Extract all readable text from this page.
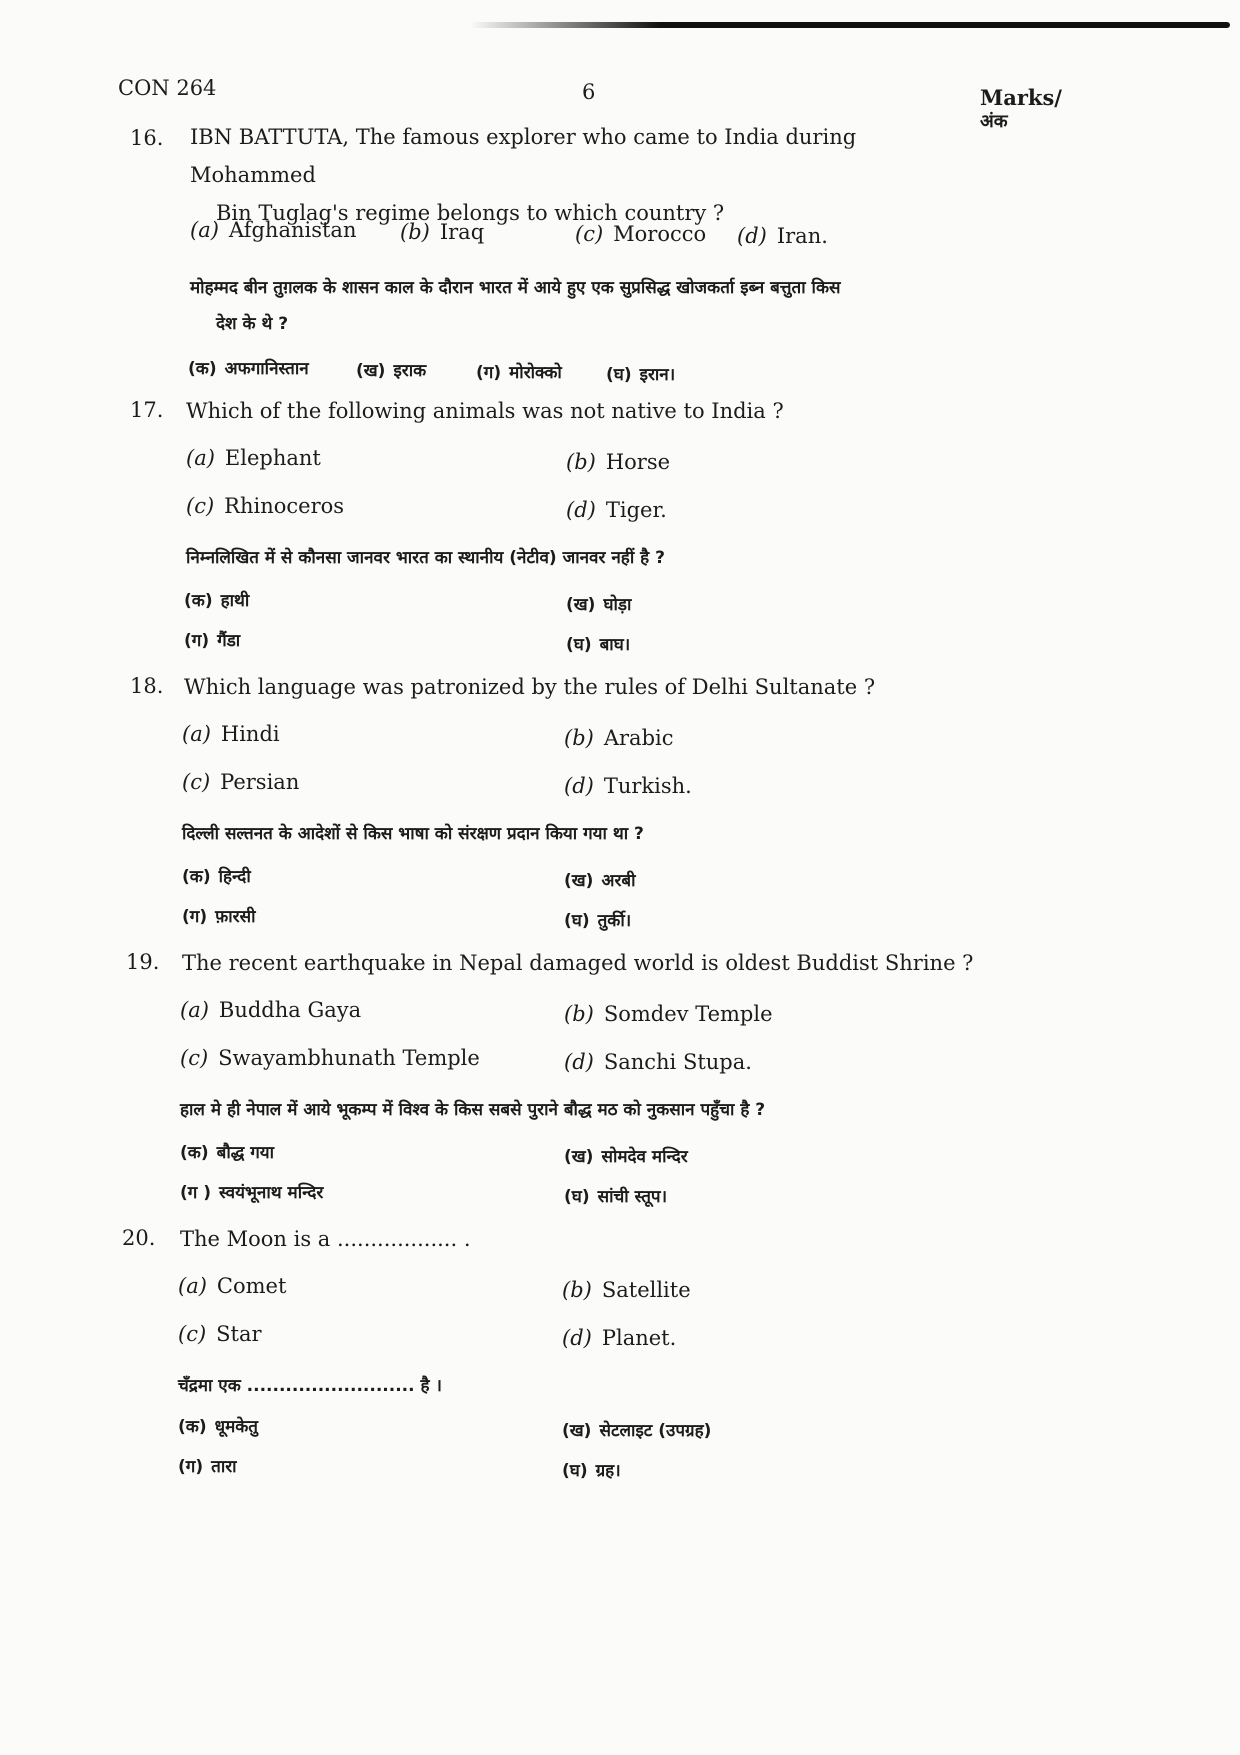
CON 264	6	Marks/
अंक
16. IBN BATTUTA, The famous explorer who came to India during Mohammed
Bin Tuglag's regime belongs to which country ?
(a) Afghanistan (b) Iraq	(c) Morocco (d) Iran.
मोहम्मद बीन तुग़लक के शासन काल के दौरान भारत में आये हुए एक सुप्रसिद्ध खोजकर्ता इब्न बत्तुता किस
देश के थे ?
(क) अफगानिस्तान	(ख) इराक	(ग) मोरोक्को	(घ) इरान।
17. Which of the following animals was not native to India ?
(a) Elephant	(b) Horse
(c) Rhinoceros	(d) Tiger.
निम्नलिखित में से कौनसा जानवर भारत का स्थानीय (नेटीव) जानवर नहीं है ?
(क) हाथी	(ख) घोड़ा
(ग) गैंडा	(घ) बाघ।
18. Which language was patronized by the rules of Delhi Sultanate ?
(a) Hindi	(b) Arabic
(c) Persian	(d) Turkish.
दिल्ली सल्तनत के आदेशों से किस भाषा को संरक्षण प्रदान किया गया था ?
(क) हिन्दी	(ख) अरबी
(ग) फ़ारसी	(घ) तुर्की।
19. The recent earthquake in Nepal damaged world is oldest Buddist Shrine ?
(a) Buddha Gaya	(b) Somdev Temple
(c) Swayambhunath Temple	(d) Sanchi Stupa.
हाल मे ही नेपाल में आये भूकम्प में विश्व के किस सबसे पुराने बौद्ध मठ को नुकसान पहुँचा है ?
(क) बौद्ध गया	(ख) सोमदेव मन्दिर
(ग ) स्वयंभूनाथ मन्दिर	(घ) सांची स्तूप।
20. The Moon is a .................. .
(a) Comet	(b) Satellite
(c) Star	(d) Planet.
चँद्रमा एक .......................... है ।
(क) धूमकेतु	(ख) सेटलाइट (उपग्रह)
(ग) तारा	(घ) ग्रह।
